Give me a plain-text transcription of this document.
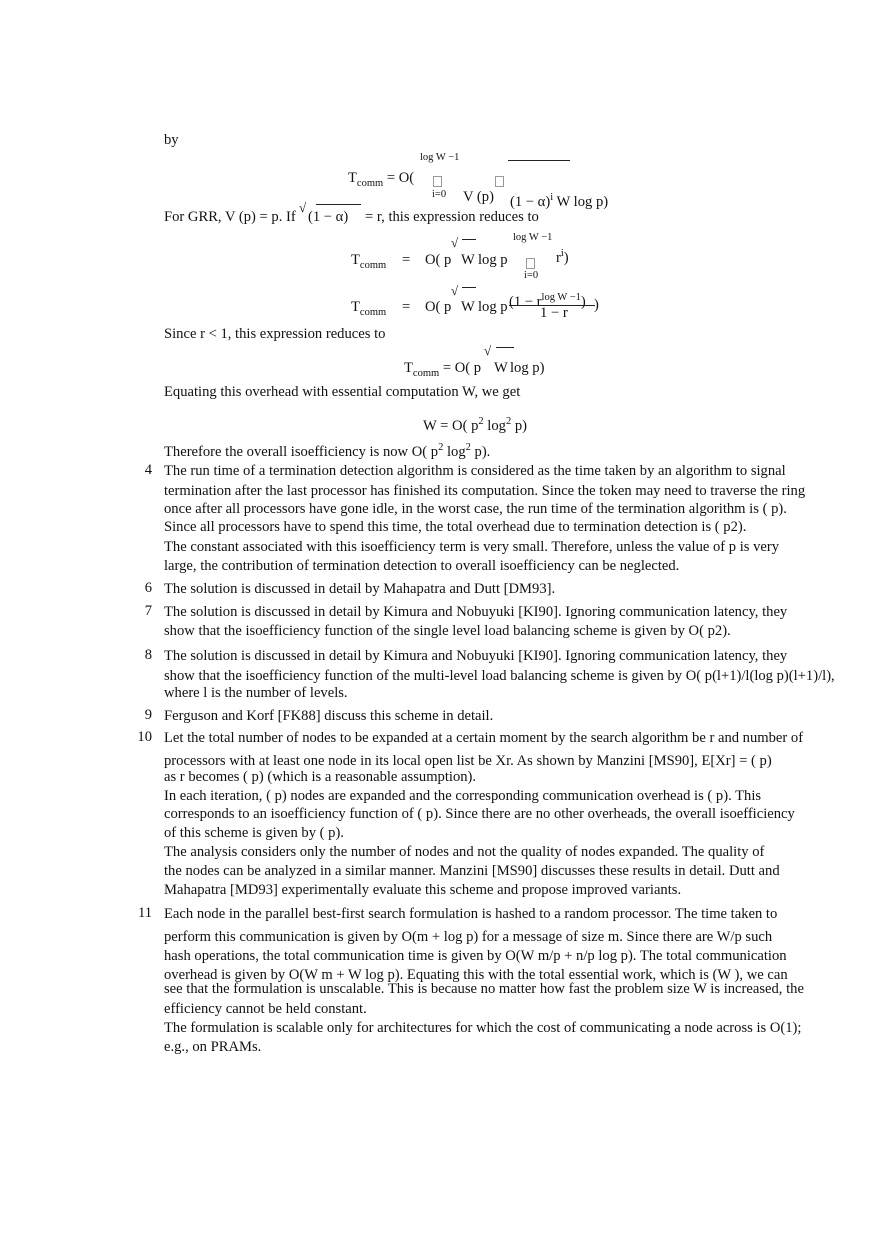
by
log W −1
$T_{comm} = O$(
i=0 V (p) $(1 - \alpha)^i$ W log p)
√
For GRR, V (p) = p. If (1 − α) = r, this expression reduces to
log W −1
√
$r^i$)
$T_{comm} = O$( p W log p
i=0
√
$(1 - r^{log W -1})$
$T_{comm} = O$( p W log p	)
1 − r
Since r < 1, this expression reduces to
√
$T_{comm} = O$( p W log p)
Equating this overhead with essential computation W, we get
W = O( $p^2$ $\log^2 p$)
Therefore the overall isoefficiency is now O( $p^2$ $\log^2 p$).
4 The run time of a termination detection algorithm is considered as the time taken by an algorithm to signal
termination after the last processor has finished its computation. Since the token may need to traverse the ring
once after all processors have gone idle, in the worst case, the run time of the termination algorithm is ( p).
Since all processors have to spend this time, the total overhead due to termination detection is ( p2).
The constant associated with this isoefficiency term is very small. Therefore, unless the value of p is very
large, the contribution of termination detection to overall isoefficiency can be neglected.
6 The solution is discussed in detail by Mahapatra and Dutt [DM93].
7 The solution is discussed in detail by Kimura and Nobuyuki [KI90]. Ignoring communication latency, they
show that the isoefficiency function of the single level load balancing scheme is given by O( p2).
8 The solution is discussed in detail by Kimura and Nobuyuki [KI90]. Ignoring communication latency, they
show that the isoefficiency function of the multi-level load balancing scheme is given by O( p(l+1)/l(log p)(l+1)/l),
where l is the number of levels.
9 Ferguson and Korf [FK88] discuss this scheme in detail.
10 Let the total number of nodes to be expanded at a certain moment by the search algorithm be r and number of
processors with at least one node in its local open list be Xr. As shown by Manzini [MS90], E[Xr] = ( p)
as r becomes ( p) (which is a reasonable assumption).
In each iteration, ( p) nodes are expanded and the corresponding communication overhead is ( p). This
corresponds to an isoefficiency function of ( p). Since there are no other overheads, the overall isoefficiency
of this scheme is given by ( p).
The analysis considers only the number of nodes and not the quality of nodes expanded. The quality of
the nodes can be analyzed in a similar manner. Manzini [MS90] discusses these results in detail. Dutt and
Mahapatra [MD93] experimentally evaluate this scheme and propose improved variants.
11 Each node in the parallel best-first search formulation is hashed to a random processor. The time taken to
perform this communication is given by O(m + log p) for a message of size m. Since there are W/p such
hash operations, the total communication time is given by O(W m/p + n/p log p). The total communication
overhead is given by O(W m + W log p). Equating this with the total essential work, which is (W ), we can
see that the formulation is unscalable. This is because no matter how fast the problem size W is increased, the
efficiency cannot be held constant.
The formulation is scalable only for architectures for which the cost of communicating a node across is O(1);
e.g., on PRAMs.
